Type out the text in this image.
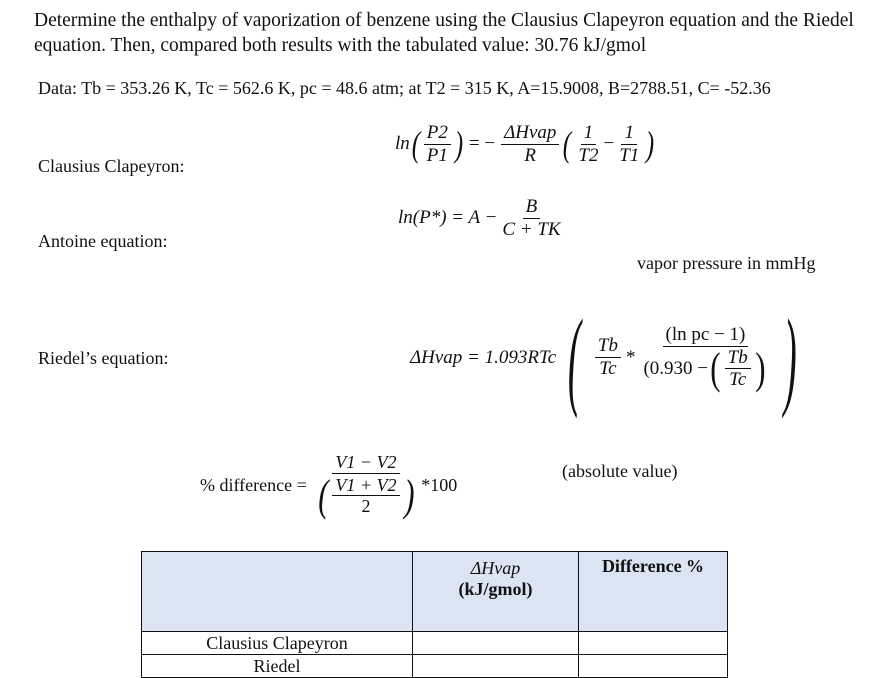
Determine the enthalpy of vaporization of benzene using the Clausius Clapeyron equation and the Riedel equation. Then, compared both results with the tabulated value: 30.76 kJ/gmol
Data: Tb = 353.26 K, Tc = 562.6 K, pc = 48.6 atm; at T2 = 315 K, A=15.9008, B=2788.51, C= -52.36
Clausius Clapeyron:
ln ( $\frac{P2}{P1}$ ) = − $\frac{\text{ΔHvap}}{R}$ ( $\frac{1}{T2} - \frac{1}{T1}$ )
Antoine equation:
$\ln(P*) = A - \frac{B}{C + TK}$
vapor pressure in mmHg
Riedel’s equation:	ΔHvap = 1.093RTc ( $\frac{Tb}{Tc} * \frac{\text{(ln pc − 1)}}{(0.930 - ( \frac{Tb}{Tc} )}$ )
% difference = $\frac{V1 - V2}{( \frac{V1 + V2}{2} )} *100$
(absolute value)

	ΔHvap
(kJ/gmol)	Difference %
Clausius Clapeyron		
Riedel		
